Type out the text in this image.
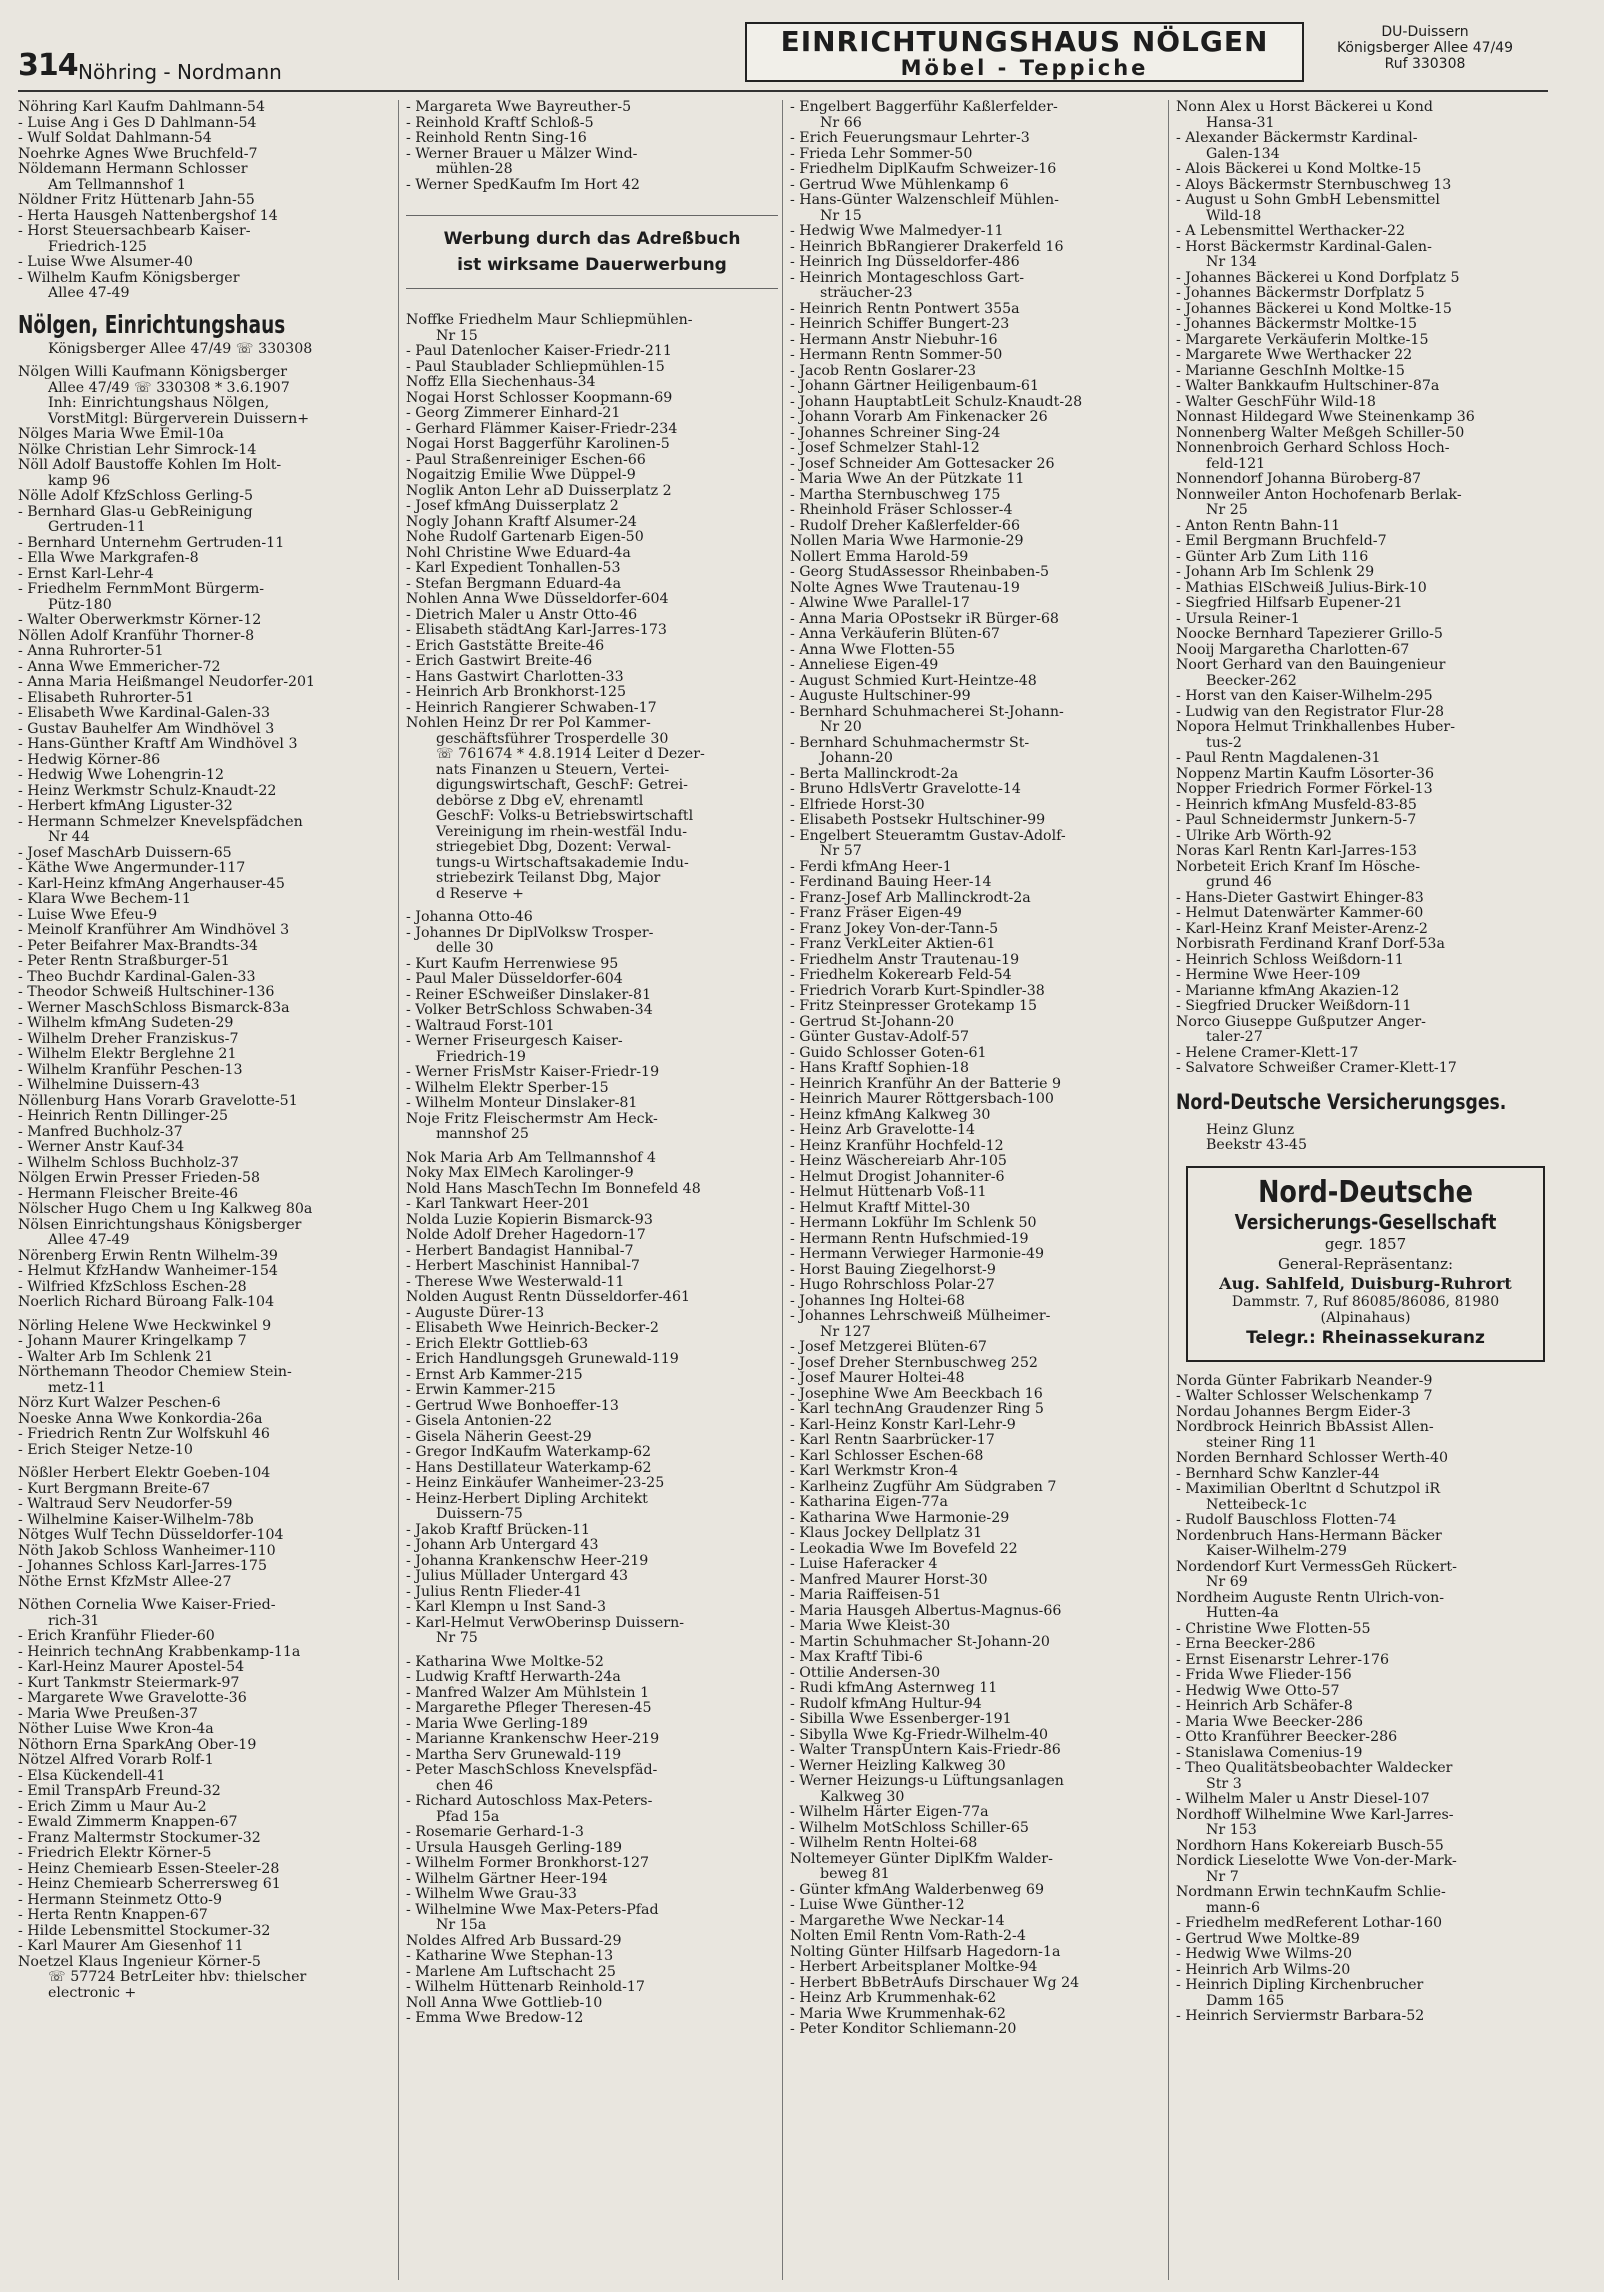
314 Nöhring - Nordmann
EINRICHTUNGSHAUS NÖLGEN
Möbel - Teppiche
DU-Duissern
Königsberger Allee 47/49
Ruf 330308
Nöhring Karl Kaufm Dahlmann-54
- Luise Ang i Ges D Dahlmann-54
- Wulf Soldat Dahlmann-54
Noehrke Agnes Wwe Bruchfeld-7
Nöldemann Hermann Schlosser
Am Tellmannshof 1
Nöldner Fritz Hüttenarb Jahn-55
- Herta Hausgeh Nattenbergshof 14
- Horst Steuersachbearb Kaiser-
Friedrich-125
- Luise Wwe Alsumer-40
- Wilhelm Kaufm Königsberger
Allee 47-49
Nölgen, Einrichtungshaus
Königsberger Allee 47/49 ☏ 330308
Nölgen Willi Kaufmann Königsberger
Allee 47/49 ☏ 330308 * 3.6.1907
Inh: Einrichtungshaus Nölgen,
VorstMitgl: Bürgerverein Duissern+
Nölges Maria Wwe Emil-10a
Nölke Christian Lehr Simrock-14
Nöll Adolf Baustoffe Kohlen Im Holt-
kamp 96
Nölle Adolf KfzSchloss Gerling-5
- Bernhard Glas-u GebReinigung
Gertruden-11
- Bernhard Unternehm Gertruden-11
- Ella Wwe Markgrafen-8
- Ernst Karl-Lehr-4
- Friedhelm FernmMont Bürgerm-
Pütz-180
- Walter Oberwerkmstr Körner-12
Nöllen Adolf Kranführ Thorner-8
- Anna Ruhrorter-51
- Anna Wwe Emmericher-72
- Anna Maria Heißmangel Neudorfer-201
- Elisabeth Ruhrorter-51
- Elisabeth Wwe Kardinal-Galen-33
- Gustav Bauhelfer Am Windhövel 3
- Hans-Günther Kraftf Am Windhövel 3
- Hedwig Körner-86
- Hedwig Wwe Lohengrin-12
- Heinz Werkmstr Schulz-Knaudt-22
- Herbert kfmAng Liguster-32
- Hermann Schmelzer Knevelspfädchen
Nr 44
- Josef MaschArb Duissern-65
- Käthe Wwe Angermunder-117
- Karl-Heinz kfmAng Angerhauser-45
- Klara Wwe Bechem-11
- Luise Wwe Efeu-9
- Meinolf Kranführer Am Windhövel 3
- Peter Beifahrer Max-Brandts-34
- Peter Rentn Straßburger-51
- Theo Buchdr Kardinal-Galen-33
- Theodor Schweiß Hultschiner-136
- Werner MaschSchloss Bismarck-83a
- Wilhelm kfmAng Sudeten-29
- Wilhelm Dreher Franziskus-7
- Wilhelm Elektr Berglehne 21
- Wilhelm Kranführ Peschen-13
- Wilhelmine Duissern-43
Nöllenburg Hans Vorarb Gravelotte-51
- Heinrich Rentn Dillinger-25
- Manfred Buchholz-37
- Werner Anstr Kauf-34
- Wilhelm Schloss Buchholz-37
Nölgen Erwin Presser Frieden-58
- Hermann Fleischer Breite-46
Nölscher Hugo Chem u Ing Kalkweg 80a
Nölsen Einrichtungshaus Königsberger
Allee 47-49
Nörenberg Erwin Rentn Wilhelm-39
- Helmut KfzHandw Wanheimer-154
- Wilfried KfzSchloss Eschen-28
Noerlich Richard Büroang Falk-104
Nörling Helene Wwe Heckwinkel 9
- Johann Maurer Kringelkamp 7
- Walter Arb Im Schlenk 21
Nörthemann Theodor Chemiew Stein-
metz-11
Nörz Kurt Walzer Peschen-6
Noeske Anna Wwe Konkordia-26a
- Friedrich Rentn Zur Wolfskuhl 46
- Erich Steiger Netze-10
Nößler Herbert Elektr Goeben-104
- Kurt Bergmann Breite-67
- Waltraud Serv Neudorfer-59
- Wilhelmine Kaiser-Wilhelm-78b
Nötges Wulf Techn Düsseldorfer-104
Nöth Jakob Schloss Wanheimer-110
- Johannes Schloss Karl-Jarres-175
Nöthe Ernst KfzMstr Allee-27
Nöthen Cornelia Wwe Kaiser-Fried-
rich-31
- Erich Kranführ Flieder-60
- Heinrich technAng Krabbenkamp-11a
- Karl-Heinz Maurer Apostel-54
- Kurt Tankmstr Steiermark-97
- Margarete Wwe Gravelotte-36
- Maria Wwe Preußen-37
Nöther Luise Wwe Kron-4a
Nöthorn Erna SparkAng Ober-19
Nötzel Alfred Vorarb Rolf-1
- Elsa Kückendell-41
- Emil TranspArb Freund-32
- Erich Zimm u Maur Au-2
- Ewald Zimmerm Knappen-67
- Franz Maltermstr Stockumer-32
- Friedrich Elektr Körner-5
- Heinz Chemiearb Essen-Steeler-28
- Heinz Chemiearb Scherrersweg 61
- Hermann Steinmetz Otto-9
- Herta Rentn Knappen-67
- Hilde Lebensmittel Stockumer-32
- Karl Maurer Am Giesenhof 11
Noetzel Klaus Ingenieur Körner-5
☏ 57724 BetrLeiter hbv: thielscher
electronic +
- Margareta Wwe Bayreuther-5
- Reinhold Kraftf Schloß-5
- Reinhold Rentn Sing-16
- Werner Brauer u Mälzer Wind-
mühlen-28
- Werner SpedKaufm Im Hort 42
Werbung durch das Adreßbuch
ist wirksame Dauerwerbung
Noffke Friedhelm Maur Schliepmühlen-
Nr 15
- Paul Datenlocher Kaiser-Friedr-211
- Paul Staublader Schliepmühlen-15
Noffz Ella Siechenhaus-34
Nogai Horst Schlosser Koopmann-69
- Georg Zimmerer Einhard-21
- Gerhard Flämmer Kaiser-Friedr-234
Nogai Horst Baggerführ Karolinen-5
- Paul Straßenreiniger Eschen-66
Nogaitzig Emilie Wwe Düppel-9
Noglik Anton Lehr aD Duisserplatz 2
- Josef kfmAng Duisserplatz 2
Nogly Johann Kraftf Alsumer-24
Nohe Rudolf Gartenarb Eigen-50
Nohl Christine Wwe Eduard-4a
- Karl Expedient Tonhallen-53
- Stefan Bergmann Eduard-4a
Nohlen Anna Wwe Düsseldorfer-604
- Dietrich Maler u Anstr Otto-46
- Elisabeth städtAng Karl-Jarres-173
- Erich Gaststätte Breite-46
- Erich Gastwirt Breite-46
- Hans Gastwirt Charlotten-33
- Heinrich Arb Bronkhorst-125
- Heinrich Rangierer Schwaben-17
Nohlen Heinz Dr rer Pol Kammer-
geschäftsführer Trosperdelle 30
☏ 761674 * 4.8.1914 Leiter d Dezer-
nats Finanzen u Steuern, Vertei-
digungswirtschaft, GeschF: Getrei-
debörse z Dbg eV, ehrenamtl
GeschF: Volks-u Betriebswirtschaftl
Vereinigung im rhein-westfäl Indu-
striegebiet Dbg, Dozent: Verwal-
tungs-u Wirtschaftsakademie Indu-
striebezirk Teilanst Dbg, Major
d Reserve +
- Johanna Otto-46
- Johannes Dr DiplVolksw Trosper-
delle 30
- Kurt Kaufm Herrenwiese 95
- Paul Maler Düsseldorfer-604
- Reiner ESchweißer Dinslaker-81
- Volker BetrSchloss Schwaben-34
- Waltraud Forst-101
- Werner Friseurgesch Kaiser-
Friedrich-19
- Werner FrisMstr Kaiser-Friedr-19
- Wilhelm Elektr Sperber-15
- Wilhelm Monteur Dinslaker-81
Noje Fritz Fleischermstr Am Heck-
mannshof 25
Nok Maria Arb Am Tellmannshof 4
Noky Max ElMech Karolinger-9
Nold Hans MaschTechn Im Bonnefeld 48
- Karl Tankwart Heer-201
Nolda Luzie Kopierin Bismarck-93
Nolde Adolf Dreher Hagedorn-17
- Herbert Bandagist Hannibal-7
- Herbert Maschinist Hannibal-7
- Therese Wwe Westerwald-11
Nolden August Rentn Düsseldorfer-461
- Auguste Dürer-13
- Elisabeth Wwe Heinrich-Becker-2
- Erich Elektr Gottlieb-63
- Erich Handlungsgeh Grunewald-119
- Ernst Arb Kammer-215
- Erwin Kammer-215
- Gertrud Wwe Bonhoeffer-13
- Gisela Antonien-22
- Gisela Näherin Geest-29
- Gregor IndKaufm Waterkamp-62
- Hans Destillateur Waterkamp-62
- Heinz Einkäufer Wanheimer-23-25
- Heinz-Herbert Dipling Architekt
Duissern-75
- Jakob Kraftf Brücken-11
- Johann Arb Untergard 43
- Johanna Krankenschw Heer-219
- Julius Müllader Untergard 43
- Julius Rentn Flieder-41
- Karl Klempn u Inst Sand-3
- Karl-Helmut VerwOberinsp Duissern-
Nr 75
- Katharina Wwe Moltke-52
- Ludwig Kraftf Herwarth-24a
- Manfred Walzer Am Mühlstein 1
- Margarethe Pfleger Theresen-45
- Maria Wwe Gerling-189
- Marianne Krankenschw Heer-219
- Martha Serv Grunewald-119
- Peter MaschSchloss Knevelspfäd-
chen 46
- Richard Autoschloss Max-Peters-
Pfad 15a
- Rosemarie Gerhard-1-3
- Ursula Hausgeh Gerling-189
- Wilhelm Former Bronkhorst-127
- Wilhelm Gärtner Heer-194
- Wilhelm Wwe Grau-33
- Wilhelmine Wwe Max-Peters-Pfad
Nr 15a
Noldes Alfred Arb Bussard-29
- Katharine Wwe Stephan-13
- Marlene Am Luftschacht 25
- Wilhelm Hüttenarb Reinhold-17
Noll Anna Wwe Gottlieb-10
- Emma Wwe Bredow-12
- Engelbert Baggerführ Kaßlerfelder-
Nr 66
- Erich Feuerungsmaur Lehrter-3
- Frieda Lehr Sommer-50
- Friedhelm DiplKaufm Schweizer-16
- Gertrud Wwe Mühlenkamp 6
- Hans-Günter Walzenschleif Mühlen-
Nr 15
- Hedwig Wwe Malmedyer-11
- Heinrich BbRangierer Drakerfeld 16
- Heinrich Ing Düsseldorfer-486
- Heinrich Montageschloss Gart-
sträucher-23
- Heinrich Rentn Pontwert 355a
- Heinrich Schiffer Bungert-23
- Hermann Anstr Niebuhr-16
- Hermann Rentn Sommer-50
- Jacob Rentn Goslarer-23
- Johann Gärtner Heiligenbaum-61
- Johann HauptabtLeit Schulz-Knaudt-28
- Johann Vorarb Am Finkenacker 26
- Johannes Schreiner Sing-24
- Josef Schmelzer Stahl-12
- Josef Schneider Am Gottesacker 26
- Maria Wwe An der Pützkate 11
- Martha Sternbuschweg 175
- Rheinhold Fräser Schlosser-4
- Rudolf Dreher Kaßlerfelder-66
Nollen Maria Wwe Harmonie-29
Nollert Emma Harold-59
- Georg StudAssessor Rheinbaben-5
Nolte Agnes Wwe Trautenau-19
- Alwine Wwe Parallel-17
- Anna Maria OPostsekr iR Bürger-68
- Anna Verkäuferin Blüten-67
- Anna Wwe Flotten-55
- Anneliese Eigen-49
- August Schmied Kurt-Heintze-48
- Auguste Hultschiner-99
- Bernhard Schuhmacherei St-Johann-
Nr 20
- Bernhard Schuhmachermstr St-
Johann-20
- Berta Mallinckrodt-2a
- Bruno HdlsVertr Gravelotte-14
- Elfriede Horst-30
- Elisabeth Postsekr Hultschiner-99
- Engelbert Steueramtm Gustav-Adolf-
Nr 57
- Ferdi kfmAng Heer-1
- Ferdinand Bauing Heer-14
- Franz-Josef Arb Mallinckrodt-2a
- Franz Fräser Eigen-49
- Franz Jokey Von-der-Tann-5
- Franz VerkLeiter Aktien-61
- Friedhelm Anstr Trautenau-19
- Friedhelm Kokerearb Feld-54
- Friedrich Vorarb Kurt-Spindler-38
- Fritz Steinpresser Grotekamp 15
- Gertrud St-Johann-20
- Günter Gustav-Adolf-57
- Guido Schlosser Goten-61
- Hans Kraftf Sophien-18
- Heinrich Kranführ An der Batterie 9
- Heinrich Maurer Röttgersbach-100
- Heinz kfmAng Kalkweg 30
- Heinz Arb Gravelotte-14
- Heinz Kranführ Hochfeld-12
- Heinz Wäschereiarb Ahr-105
- Helmut Drogist Johanniter-6
- Helmut Hüttenarb Voß-11
- Helmut Kraftf Mittel-30
- Hermann Lokführ Im Schlenk 50
- Hermann Rentn Hufschmied-19
- Hermann Verwieger Harmonie-49
- Horst Bauing Ziegelhorst-9
- Hugo Rohrschloss Polar-27
- Johannes Ing Holtei-68
- Johannes Lehrschweiß Mülheimer-
Nr 127
- Josef Metzgerei Blüten-67
- Josef Dreher Sternbuschweg 252
- Josef Maurer Holtei-48
- Josephine Wwe Am Beeckbach 16
- Karl technAng Graudenzer Ring 5
- Karl-Heinz Konstr Karl-Lehr-9
- Karl Rentn Saarbrücker-17
- Karl Schlosser Eschen-68
- Karl Werkmstr Kron-4
- Karlheinz Zugführ Am Südgraben 7
- Katharina Eigen-77a
- Katharina Wwe Harmonie-29
- Klaus Jockey Dellplatz 31
- Leokadia Wwe Im Bovefeld 22
- Luise Haferacker 4
- Manfred Maurer Horst-30
- Maria Raiffeisen-51
- Maria Hausgeh Albertus-Magnus-66
- Maria Wwe Kleist-30
- Martin Schuhmacher St-Johann-20
- Max Kraftf Tibi-6
- Ottilie Andersen-30
- Rudi kfmAng Asternweg 11
- Rudolf kfmAng Hultur-94
- Sibilla Wwe Essenberger-191
- Sibylla Wwe Kg-Friedr-Wilhelm-40
- Walter TranspUntern Kais-Friedr-86
- Werner Heizling Kalkweg 30
- Werner Heizungs-u Lüftungsanlagen
Kalkweg 30
- Wilhelm Härter Eigen-77a
- Wilhelm MotSchloss Schiller-65
- Wilhelm Rentn Holtei-68
Noltemeyer Günter DiplKfm Walder-
beweg 81
- Günter kfmAng Walderbenweg 69
- Luise Wwe Günther-12
- Margarethe Wwe Neckar-14
Nolten Emil Rentn Vom-Rath-2-4
Nolting Günter Hilfsarb Hagedorn-1a
- Herbert Arbeitsplaner Moltke-94
- Herbert BbBetrAufs Dirschauer Wg 24
- Heinz Arb Krummenhak-62
- Maria Wwe Krummenhak-62
- Peter Konditor Schliemann-20
Nonn Alex u Horst Bäckerei u Kond
Hansa-31
- Alexander Bäckermstr Kardinal-
Galen-134
- Alois Bäckerei u Kond Moltke-15
- Aloys Bäckermstr Sternbuschweg 13
- August u Sohn GmbH Lebensmittel
Wild-18
- A Lebensmittel Werthacker-22
- Horst Bäckermstr Kardinal-Galen-
Nr 134
- Johannes Bäckerei u Kond Dorfplatz 5
- Johannes Bäckermstr Dorfplatz 5
- Johannes Bäckerei u Kond Moltke-15
- Johannes Bäckermstr Moltke-15
- Margarete Verkäuferin Moltke-15
- Margarete Wwe Werthacker 22
- Marianne GeschInh Moltke-15
- Walter Bankkaufm Hultschiner-87a
- Walter GeschFühr Wild-18
Nonnast Hildegard Wwe Steinenkamp 36
Nonnenberg Walter Meßgeh Schiller-50
Nonnenbroich Gerhard Schloss Hoch-
feld-121
Nonnendorf Johanna Büroberg-87
Nonnweiler Anton Hochofenarb Berlak-
Nr 25
- Anton Rentn Bahn-11
- Emil Bergmann Bruchfeld-7
- Günter Arb Zum Lith 116
- Johann Arb Im Schlenk 29
- Mathias ElSchweiß Julius-Birk-10
- Siegfried Hilfsarb Eupener-21
- Ursula Reiner-1
Noocke Bernhard Tapezierer Grillo-5
Nooij Margaretha Charlotten-67
Noort Gerhard van den Bauingenieur
Beecker-262
- Horst van den Kaiser-Wilhelm-295
- Ludwig van den Registrator Flur-28
Nopora Helmut Trinkhallenbes Huber-
tus-2
- Paul Rentn Magdalenen-31
Noppenz Martin Kaufm Lösorter-36
Nopper Friedrich Former Förkel-13
- Heinrich kfmAng Musfeld-83-85
- Paul Schneidermstr Junkern-5-7
- Ulrike Arb Wörth-92
Noras Karl Rentn Karl-Jarres-153
Norbeteit Erich Kranf Im Hösche-
grund 46
- Hans-Dieter Gastwirt Ehinger-83
- Helmut Datenwärter Kammer-60
- Karl-Heinz Kranf Meister-Arenz-2
Norbisrath Ferdinand Kranf Dorf-53a
- Heinrich Schloss Weißdorn-11
- Hermine Wwe Heer-109
- Marianne kfmAng Akazien-12
- Siegfried Drucker Weißdorn-11
Norco Giuseppe Gußputzer Anger-
taler-27
- Helene Cramer-Klett-17
- Salvatore Schweißer Cramer-Klett-17
Nord-Deutsche Versicherungsges.
Heinz Glunz
Beekstr 43-45
Nord-Deutsche
Versicherungs-Gesellschaft
gegr. 1857
General-Repräsentanz:
Aug. Sahlfeld, Duisburg-Ruhrort
Dammstr. 7, Ruf 86085/86086, 81980
(Alpinahaus)
Telegr.: Rheinassekuranz
Norda Günter Fabrikarb Neander-9
- Walter Schlosser Welschenkamp 7
Nordau Johannes Bergm Eider-3
Nordbrock Heinrich BbAssist Allen-
steiner Ring 11
Norden Bernhard Schlosser Werth-40
- Bernhard Schw Kanzler-44
- Maximilian Oberltnt d Schutzpol iR
Netteibeck-1c
- Rudolf Bauschloss Flotten-74
Nordenbruch Hans-Hermann Bäcker
Kaiser-Wilhelm-279
Nordendorf Kurt VermessGeh Rückert-
Nr 69
Nordheim Auguste Rentn Ulrich-von-
Hutten-4a
- Christine Wwe Flotten-55
- Erna Beecker-286
- Ernst Eisenarstr Lehrer-176
- Frida Wwe Flieder-156
- Hedwig Wwe Otto-57
- Heinrich Arb Schäfer-8
- Maria Wwe Beecker-286
- Otto Kranführer Beecker-286
- Stanislawa Comenius-19
- Theo Qualitätsbeobachter Waldecker
Str 3
- Wilhelm Maler u Anstr Diesel-107
Nordhoff Wilhelmine Wwe Karl-Jarres-
Nr 153
Nordhorn Hans Kokereiarb Busch-55
Nordick Lieselotte Wwe Von-der-Mark-
Nr 7
Nordmann Erwin technKaufm Schlie-
mann-6
- Friedhelm medReferent Lothar-160
- Gertrud Wwe Moltke-89
- Hedwig Wwe Wilms-20
- Heinrich Arb Wilms-20
- Heinrich Dipling Kirchenbrucher
Damm 165
- Heinrich Serviermstr Barbara-52
